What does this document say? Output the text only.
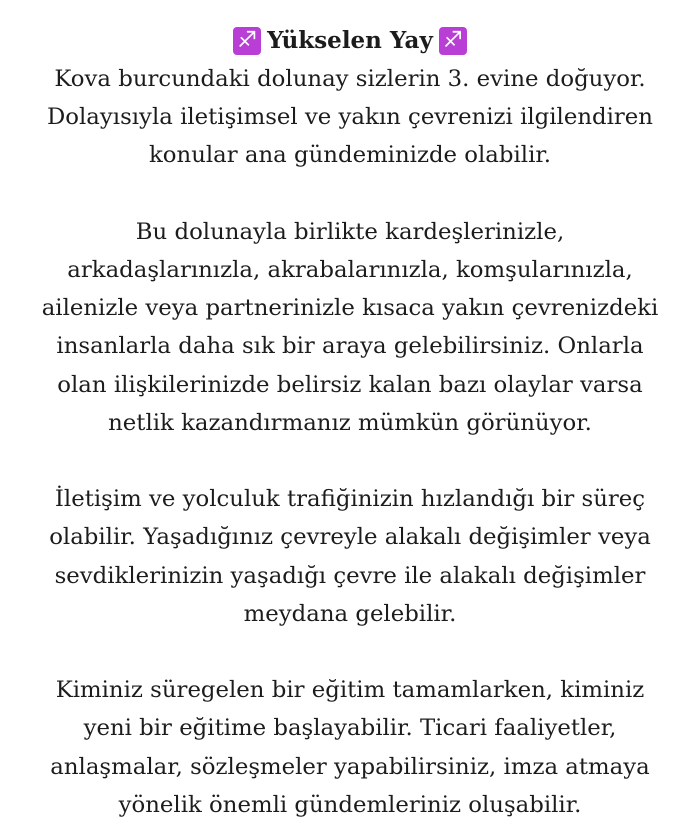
♐ Yükselen Yay ♐

Kova burcundaki dolunay sizlerin 3. evine doğuyor.
Dolayısıyla iletişimsel ve yakın çevrenizi ilgilendiren
konular ana gündeminizde olabilir.

Bu dolunayla birlikte kardeşlerinizle,
arkadaşlarınızla, akrabalarınızla, komşularınızla,
ailenizle veya partnerinizle kısaca yakın çevrenizdeki
insanlarla daha sık bir araya gelebilirsiniz. Onlarla
olan ilişkilerinizde belirsiz kalan bazı olaylar varsa
netlik kazandırmanız mümkün görünüyor.

İletişim ve yolculuk trafiğinizin hızlandığı bir süreç
olabilir. Yaşadığınız çevreyle alakalı değişimler veya
sevdiklerinizin yaşadığı çevre ile alakalı değişimler
meydana gelebilir.

Kiminiz süregelen bir eğitim tamamlarken, kiminiz
yeni bir eğitime başlayabilir. Ticari faaliyetler,
anlaşmalar, sözleşmeler yapabilirsiniz, imza atmaya
yönelik önemli gündemleriniz oluşabilir.
